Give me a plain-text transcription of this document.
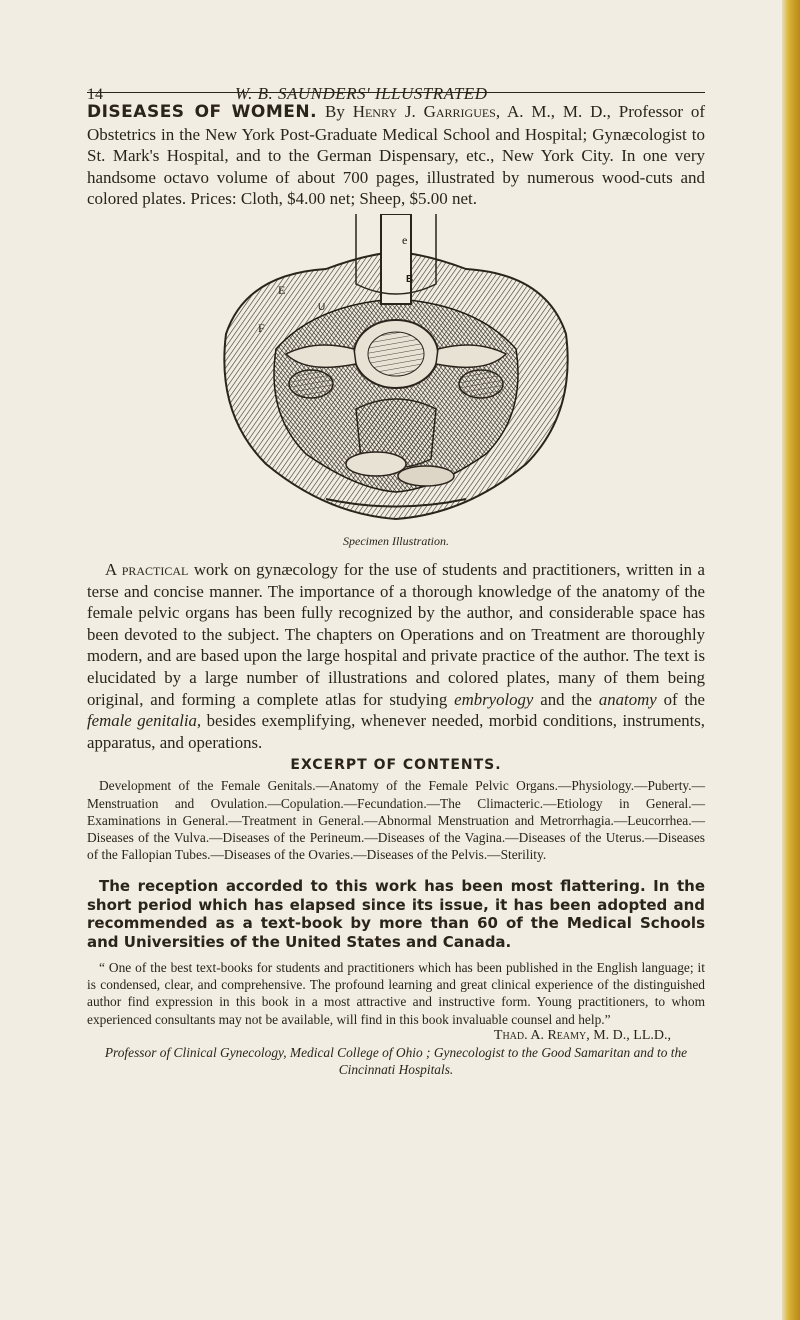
14	W. B. SAUNDERS' ILLUSTRATED

DISEASES OF WOMEN. By Henry J. Garrigues, A. M., M. D., Professor of Obstetrics in the New York Post-Graduate Medical School and Hospital; Gynæcologist to St. Mark's Hospital, and to the German Dispensary, etc., New York City. In one very handsome octavo volume of about 700 pages, illustrated by numerous wood-cuts and colored plates. Prices: Cloth, $4.00 net; Sheep, $5.00 net.

e
B
E
U
F

Specimen Illustration.

A practical work on gynæcology for the use of students and practitioners, written in a terse and concise manner. The importance of a thorough knowledge of the anatomy of the female pelvic organs has been fully recognized by the author, and considerable space has been devoted to the subject. The chapters on Operations and on Treatment are thoroughly modern, and are based upon the large hospital and private practice of the author. The text is elucidated by a large number of illustrations and colored plates, many of them being original, and forming a complete atlas for studying embryology and the anatomy of the female genitalia, besides exemplifying, whenever needed, morbid conditions, instruments, apparatus, and operations.

EXCERPT OF CONTENTS.

Development of the Female Genitals.—Anatomy of the Female Pelvic Organs.—Physiology.—Puberty.—Menstruation and Ovulation.—Copulation.—Fecundation.—The Climacteric.—Etiology in General.—Examinations in General.—Treatment in General.—Abnormal Menstruation and Metrorrhagia.—Leucorrhea.—Diseases of the Vulva.—Diseases of the Perineum.—Diseases of the Vagina.—Diseases of the Uterus.—Diseases of the Fallopian Tubes.—Diseases of the Ovaries.—Diseases of the Pelvis.—Sterility.

The reception accorded to this work has been most flattering. In the short period which has elapsed since its issue, it has been adopted and recommended as a text-book by more than 60 of the Medical Schools and Universities of the United States and Canada.

“ One of the best text-books for students and practitioners which has been published in the English language; it is condensed, clear, and comprehensive. The profound learning and great clinical experience of the distinguished author find expression in this book in a most attractive and instructive form. Young practitioners, to whom experienced consultants may not be available, will find in this book invaluable counsel and help.”

Thad. A. Reamy, M. D., LL.D.,

Professor of Clinical Gynecology, Medical College of Ohio ; Gynecologist to the Good Samaritan and to the Cincinnati Hospitals.
